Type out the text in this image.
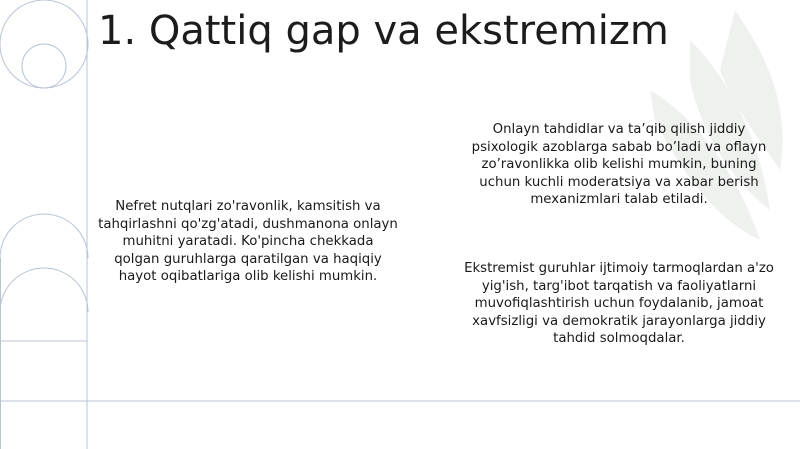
1. Qattiq gap va ekstremizm

Nefret nutqlari zo'ravonlik, kamsitish va tahqirlashni qo'zg'atadi, dushmanona onlayn muhitni yaratadi. Ko'pincha chekkada qolgan guruhlarga qaratilgan va haqiqiy hayot oqibatlariga olib kelishi mumkin.

Onlayn tahdidlar va ta’qib qilish jiddiy psixologik azoblarga sabab bo’ladi va oflayn zo’ravonlikka olib kelishi mumkin, buning uchun kuchli moderatsiya va xabar berish mexanizmlari talab etiladi.

Ekstremist guruhlar ijtimoiy tarmoqlardan a'zo yig'ish, targ'ibot tarqatish va faoliyatlarni muvofiqlashtirish uchun foydalanib, jamoat xavfsizligi va demokratik jarayonlarga jiddiy tahdid solmoqdalar.
